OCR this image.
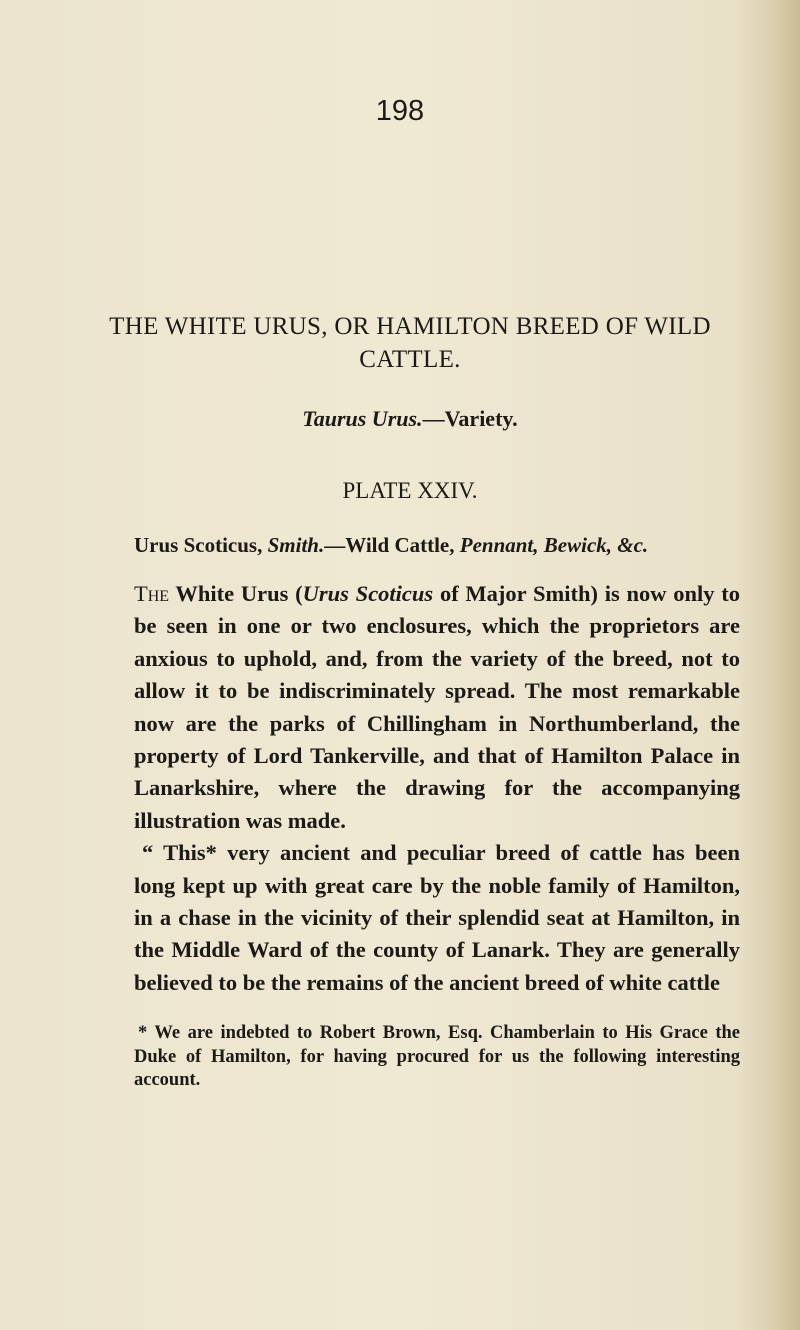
198
THE WHITE URUS, OR HAMILTON BREED OF WILD CATTLE.
Taurus Urus.—Variety.
PLATE XXIV.
Urus Scoticus, Smith.—Wild Cattle, Pennant, Bewick, &c.

The White Urus (Urus Scoticus of Major Smith) is now only to be seen in one or two enclosures, which the proprietors are anxious to uphold, and, from the variety of the breed, not to allow it to be indiscriminately spread. The most remarkable now are the parks of Chillingham in Northumberland, the property of Lord Tankerville, and that of Hamilton Palace in Lanarkshire, where the drawing for the accompanying illustration was made.

“ This* very ancient and peculiar breed of cattle has been long kept up with great care by the noble family of Hamilton, in a chase in the vicinity of their splendid seat at Hamilton, in the Middle Ward of the county of Lanark. They are generally believed to be the remains of the ancient breed of white cattle

* We are indebted to Robert Brown, Esq. Chamberlain to His Grace the Duke of Hamilton, for having procured for us the following interesting account.
